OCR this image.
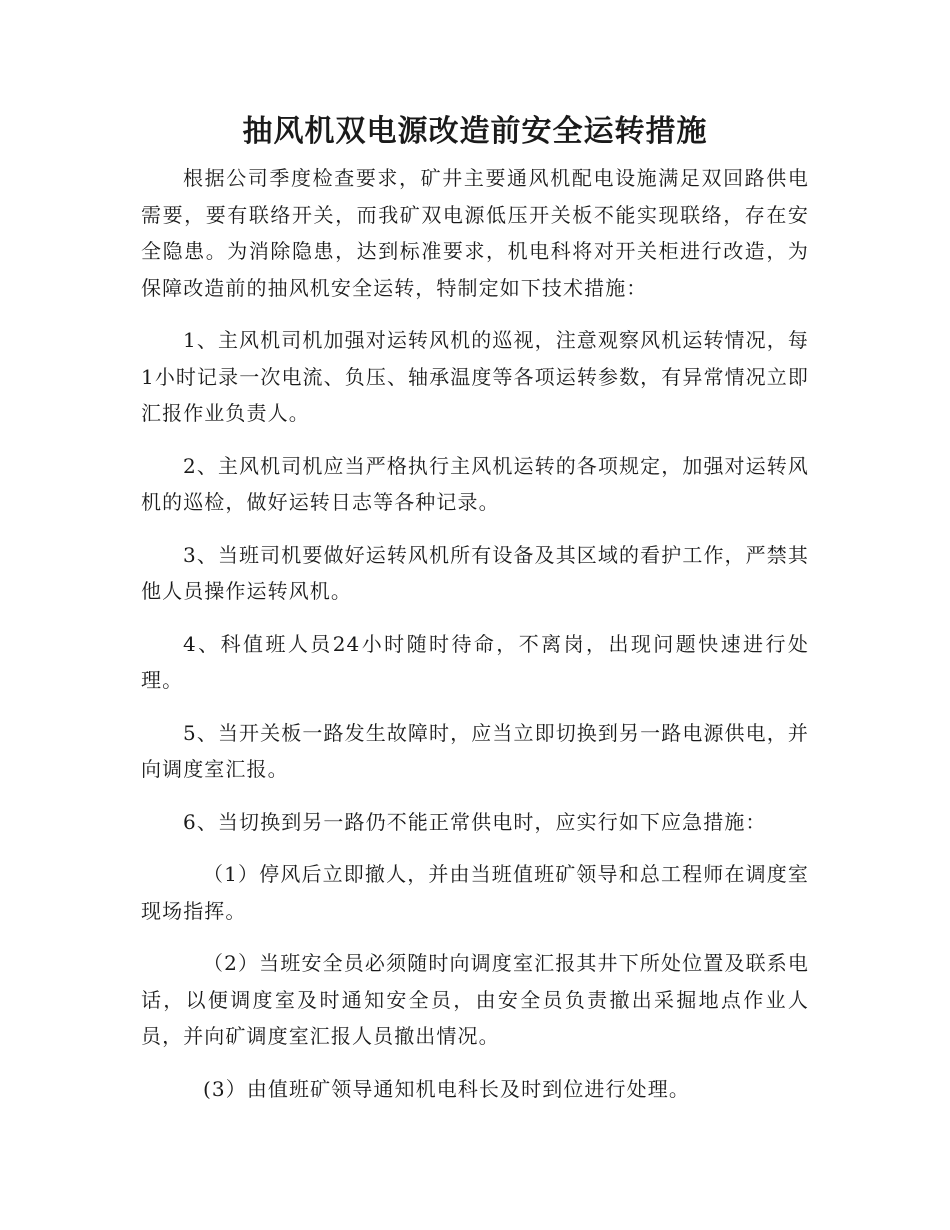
抽风机双电源改造前安全运转措施

根据公司季度检查要求，矿井主要通风机配电设施满足双回路供电需要，要有联络开关，而我矿双电源低压开关板不能实现联络，存在安全隐患。为消除隐患，达到标准要求，机电科将对开关柜进行改造，为保障改造前的抽风机安全运转，特制定如下技术措施：

1、主风机司机加强对运转风机的巡视，注意观察风机运转情况，每1小时记录一次电流、负压、轴承温度等各项运转参数，有异常情况立即汇报作业负责人。

2、主风机司机应当严格执行主风机运转的各项规定，加强对运转风机的巡检，做好运转日志等各种记录。

3、当班司机要做好运转风机所有设备及其区域的看护工作，严禁其他人员操作运转风机。

4、科值班人员24小时随时待命，不离岗，出现问题快速进行处理。

5、当开关板一路发生故障时，应当立即切换到另一路电源供电，并向调度室汇报。

6、当切换到另一路仍不能正常供电时，应实行如下应急措施：

（1）停风后立即撤人，并由当班值班矿领导和总工程师在调度室现场指挥。

（2）当班安全员必须随时向调度室汇报其井下所处位置及联系电话，以便调度室及时通知安全员，由安全员负责撤出采掘地点作业人员，并向矿调度室汇报人员撤出情况。

(3）由值班矿领导通知机电科长及时到位进行处理。
